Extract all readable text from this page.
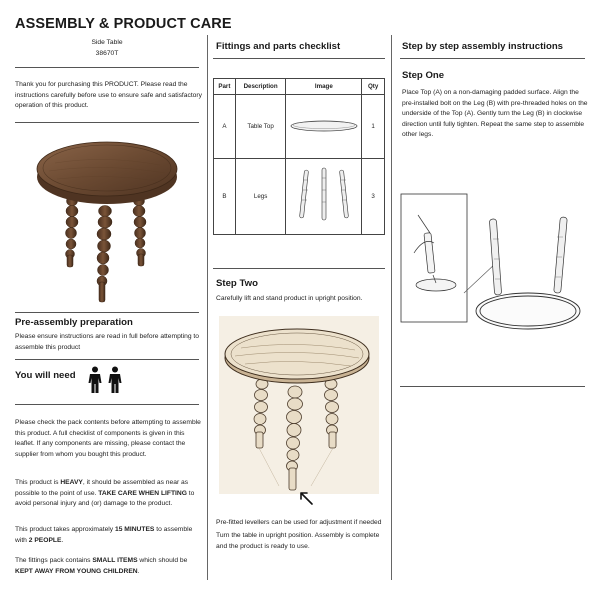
ASSEMBLY & PRODUCT CARE
Side Table
38670T
Thank you for purchasing this PRODUCT. Please read the instructions carefully before use to ensure safe and satisfactory operation of this product.
Pre-assembly preparation
Please ensure instructions are read in full before attempting to assemble this product
You will need
Please check the pack contents before attempting to assemble this product. A full checklist of components is given in this leaflet. If any components are missing, please contact the supplier from whom you bought this product.
This product is HEAVY, it should be assembled as near as possible to the point of use. TAKE CARE WHEN LIFTING to avoid personal injury and (or) damage to the product.
This product takes approximately 15 MINUTES to assemble with 2 PEOPLE.
The fittings pack contains SMALL ITEMS which should be KEPT AWAY FROM YOUNG CHILDREN.
Fittings and parts checklist
Part	Description	Image	Qty
A	Table Top		1
B	Legs		3
Step Two
Carefully lift and stand product in upright position.
Pre-fitted levellers can be used for adjustment if needed
Turn the table in upright position. Assembly is complete and the product is ready to use.
Step by step assembly instructions
Step One
Place Top (A) on a non-damaging padded surface. Align the pre-installed bolt on the Leg (B) with pre-threaded holes on the underside of the Top (A). Gently turn the Leg (B) in clockwise direction until fully tighten. Repeat the same step to assemble other legs.
